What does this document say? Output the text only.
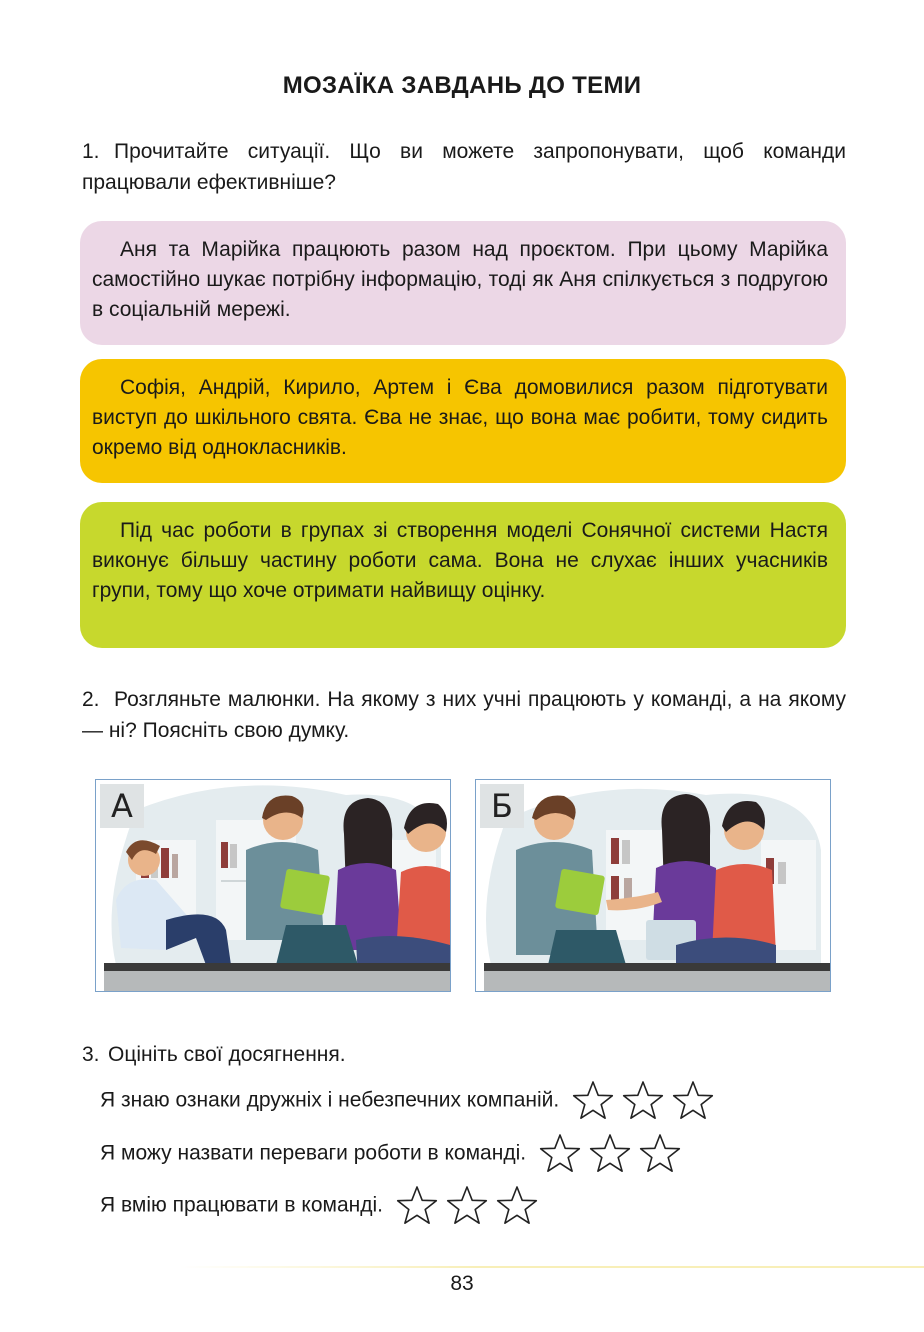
МОЗАЇКА ЗАВДАНЬ ДО ТЕМИ
1. Прочитайте ситуації. Що ви можете запропонувати, щоб команди працювали ефективніше?
Аня та Марійка працюють разом над проєктом. При цьому Марійка самостійно шукає потрібну інформацію, тоді як Аня спілкується з подругою в соціальній мережі.
Софія, Андрій, Кирило, Артем і Єва домовилися разом підготувати виступ до шкільного свята. Єва не знає, що вона має робити, тому сидить окремо від однокласників.
Під час роботи в групах зі створення моделі Сонячної системи Настя виконує більшу частину роботи сама. Вона не слухає інших учасників групи, тому що хоче отримати найвищу оцінку.
2. Розгляньте малюнки. На якому з них учні працюють у команді, а на якому — ні? Поясніть свою думку.
А	Б
3. Оцініть свої досягнення.
Я знаю ознаки дружніх і небезпечних компаній.
Я можу назвати переваги роботи в команді.
Я вмію працювати в команді.
83
